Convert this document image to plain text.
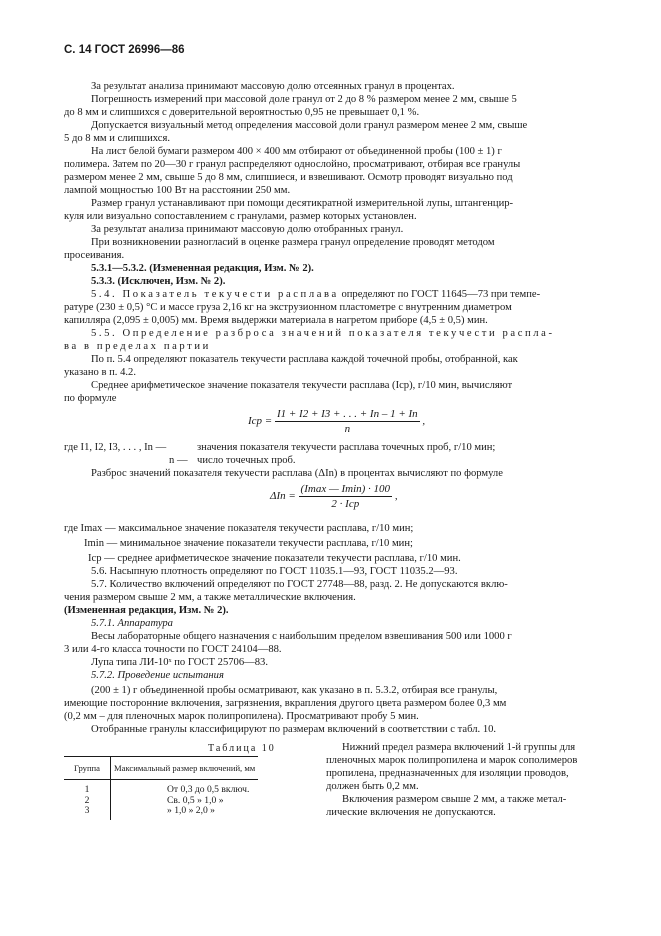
С. 14 ГОСТ 26996—86
За результат анализа принимают массовую долю отсеянных гранул в процентах.
Погрешность измерений при массовой доле гранул от 2 до 8 % размером менее 2 мм, свыше 5
до 8 мм и слипшихся с доверительной вероятностью 0,95 не превышает 0,1 %.
Допускается визуальный метод определения массовой доли гранул размером менее 2 мм, свыше
5 до 8 мм и слипшихся.
На лист белой бумаги размером 400 × 400 мм отбирают от объединенной пробы (100 ± 1) г
полимера. Затем по 20—30 г гранул распределяют однослойно, просматривают, отбирая все гранулы
размером менее 2 мм, свыше 5 до 8 мм, слипшиеся, и взвешивают. Осмотр проводят визуально под
лампой мощностью 100 Вт на расстоянии 250 мм.
Размер гранул устанавливают при помощи десятикратной измерительной лупы, штангенцир-
куля или визуально сопоставлением с гранулами, размер которых установлен.
За результат анализа принимают массовую долю отобранных гранул.
При возникновении разногласий в оценке размера гранул определение проводят методом
просеивания.
5.3.1—5.3.2. (Измененная редакция, Изм. № 2).
5.3.3. (Исключен, Изм. № 2).
5.4. Показатель текучести расплава определяют по ГОСТ 11645—73 при темпе-
ратуре (230 ± 0,5) °С и массе груза 2,16 кг на экструзионном пластометре с внутренним диаметром
капилляра (2,095 ± 0,005) мм. Время выдержки материала в нагретом приборе (4,5 ± 0,5) мин.
5.5. Определение разброса значений показателя текучести распла-
ва в пределах партии
По п. 5.4 определяют показатель текучести расплава каждой точечной пробы, отобранной, как
указано в п. 4.2.
Среднее арифметическое значение показателя текучести расплава (Iср), г/10 мин, вычисляют
по формуле
Iср = $\frac{I1 + I2 + I3 + . . . + In - 1 + In}{n}$ ,
где I1, I2, I3, . . . , In —	значения показателя текучести расплава точечных проб, г/10 мин;
n — число точечных проб.
Разброс значений показателя текучести расплава (ΔIn) в процентах вычисляют по формуле
$\Delta In = \frac{(Imax — Imin) \cdot 100}{\text{2 · Iср}}$ ,
где Imax — максимальное значение показателя текучести расплава, г/10 мин;
Imin — минимальное значение показатели текучести расплава, г/10 мин;
Iср — среднее арифметическое значение показатели текучести расплава, г/10 мин.
5.6. Насыпную плотность определяют по ГОСТ 11035.1—93, ГОСТ 11035.2—93.
5.7. Количество включений определяют по ГОСТ 27748—88, разд. 2. Не допускаются вклю-
чения размером свыше 2 мм, а также металлические включения.
(Измененная редакция, Изм. № 2).
5.7.1. Аппаратура
Весы лабораторные общего назначения с наибольшим пределом взвешивания 500 или 1000 г
3 или 4-го класса точности по ГОСТ 24104—88.
Лупа типа ЛИ-10ˣ по ГОСТ 25706—83.
5.7.2. Проведение испытания
(200 ± 1) г объединенной пробы осматривают, как указано в п. 5.3.2, отбирая все гранулы,
имеющие посторонние включения, загрязнения, вкрапления другого цвета размером более 0,3 мм
(0,2 мм – для пленочных марок полипропилена). Просматривают пробу 5 мин.
Отобранные гранулы классифицируют по размерам включений в соответствии с табл. 10.
Таблица 10
Группа	Максимальный размер включений, мм
1	От 0,3 до 0,5 включ.
2	Св. 0,5 » 1,0 »
3	» 1,0 » 2,0 »
Нижний предел размера включений 1-й группы для
пленочных марок полипропилена и марок сополимеров
пропилена, предназначенных для изоляции проводов,
должен быть 0,2 мм.
Включения размером свыше 2 мм, а также метал-
лические включения не допускаются.
